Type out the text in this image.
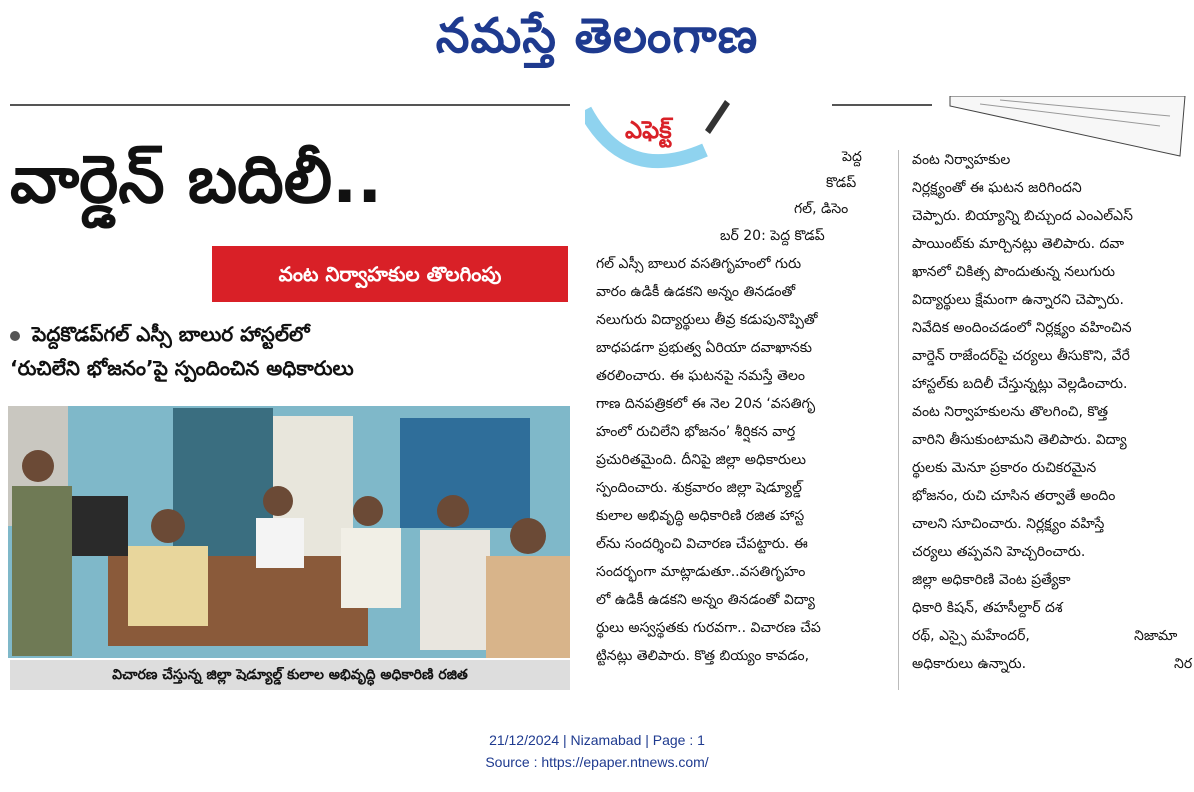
నమస్తే తెలంగాణ
వార్డెన్ బదిలీ..
వంట నిర్వాహకుల తొలగింపు
పెద్దకొడప్‌గల్ ఎస్సీ బాలుర హాస్టల్‌లో
‘రుచిలేని భోజనం’పై స్పందించిన అధికారులు
విచారణ చేస్తున్న జిల్లా షెడ్యూల్డ్ కులాల అభివృద్ధి అధికారిణి రజిత
ఎఫెక్ట్
పెద్ద
కొడప్
గల్, డిసెం
బర్ 20: పెద్ద కొడప్
గల్ ఎస్సీ బాలుర వసతిగృహంలో గురు
వారం ఉడికీ ఉడకని అన్నం తినడంతో
నలుగురు విద్యార్థులు తీవ్ర కడుపునొప్పితో
బాధపడగా ప్రభుత్వ ఏరియా దవాఖానకు
తరలించారు. ఈ ఘటనపై నమస్తే తెలం
గాణ దినపత్రికలో ఈ నెల 20న ‘వసతిగృ
హంలో రుచిలేని భోజనం’ శీర్షికన వార్త
ప్రచురితమైంది. దీనిపై జిల్లా అధికారులు
స్పందించారు. శుక్రవారం జిల్లా షెడ్యూల్డ్
కులాల అభివృద్ధి అధికారిణి రజిత హాస్ట
ల్‌ను సందర్శించి విచారణ చేపట్టారు. ఈ
సందర్భంగా మాట్లాడుతూ..వసతిగృహం
లో ఉడికీ ఉడకని అన్నం తినడంతో విద్యా
ర్థులు అస్వస్థతకు గురవగా.. విచారణ చేప
ట్టినట్లు తెలిపారు. కొత్త బియ్యం కావడం,
వంట నిర్వాహకుల
నిర్లక్ష్యంతో ఈ ఘటన జరిగిందని
చెప్పారు. బియ్యాన్ని బిచ్చుంద ఎంఎల్ఎస్
పాయింట్‌కు మార్చినట్లు తెలిపారు. దవా
ఖానలో చికిత్స పొందుతున్న నలుగురు
విద్యార్థులు క్షేమంగా ఉన్నారని చెప్పారు.
నివేదిక అందించడంలో నిర్లక్ష్యం వహించిన
వార్డెన్ రాజేందర్‌పై చర్యలు తీసుకొని, వేరే
హాస్టల్‌కు బదిలీ చేస్తున్నట్లు వెల్లడించారు.
వంట నిర్వాహకులను తొలగించి, కొత్త
వారిని తీసుకుంటామని తెలిపారు. విద్యా
ర్థులకు మెనూ ప్రకారం రుచికరమైన
భోజనం, రుచి చూసిన తర్వాతే అందిం
చాలని సూచించారు. నిర్లక్ష్యం వహిస్తే
చర్యలు తప్పవని హెచ్చరించారు.
జిల్లా అధికారిణి వెంట ప్రత్యేకా
ధికారి కిషన్, తహసీల్దార్ దశ
రథ్, ఎస్సై మహేందర్,
అధికారులు ఉన్నారు.
నిజామా
నిర
21/12/2024 | Nizamabad | Page : 1
Source : https://epaper.ntnews.com/
